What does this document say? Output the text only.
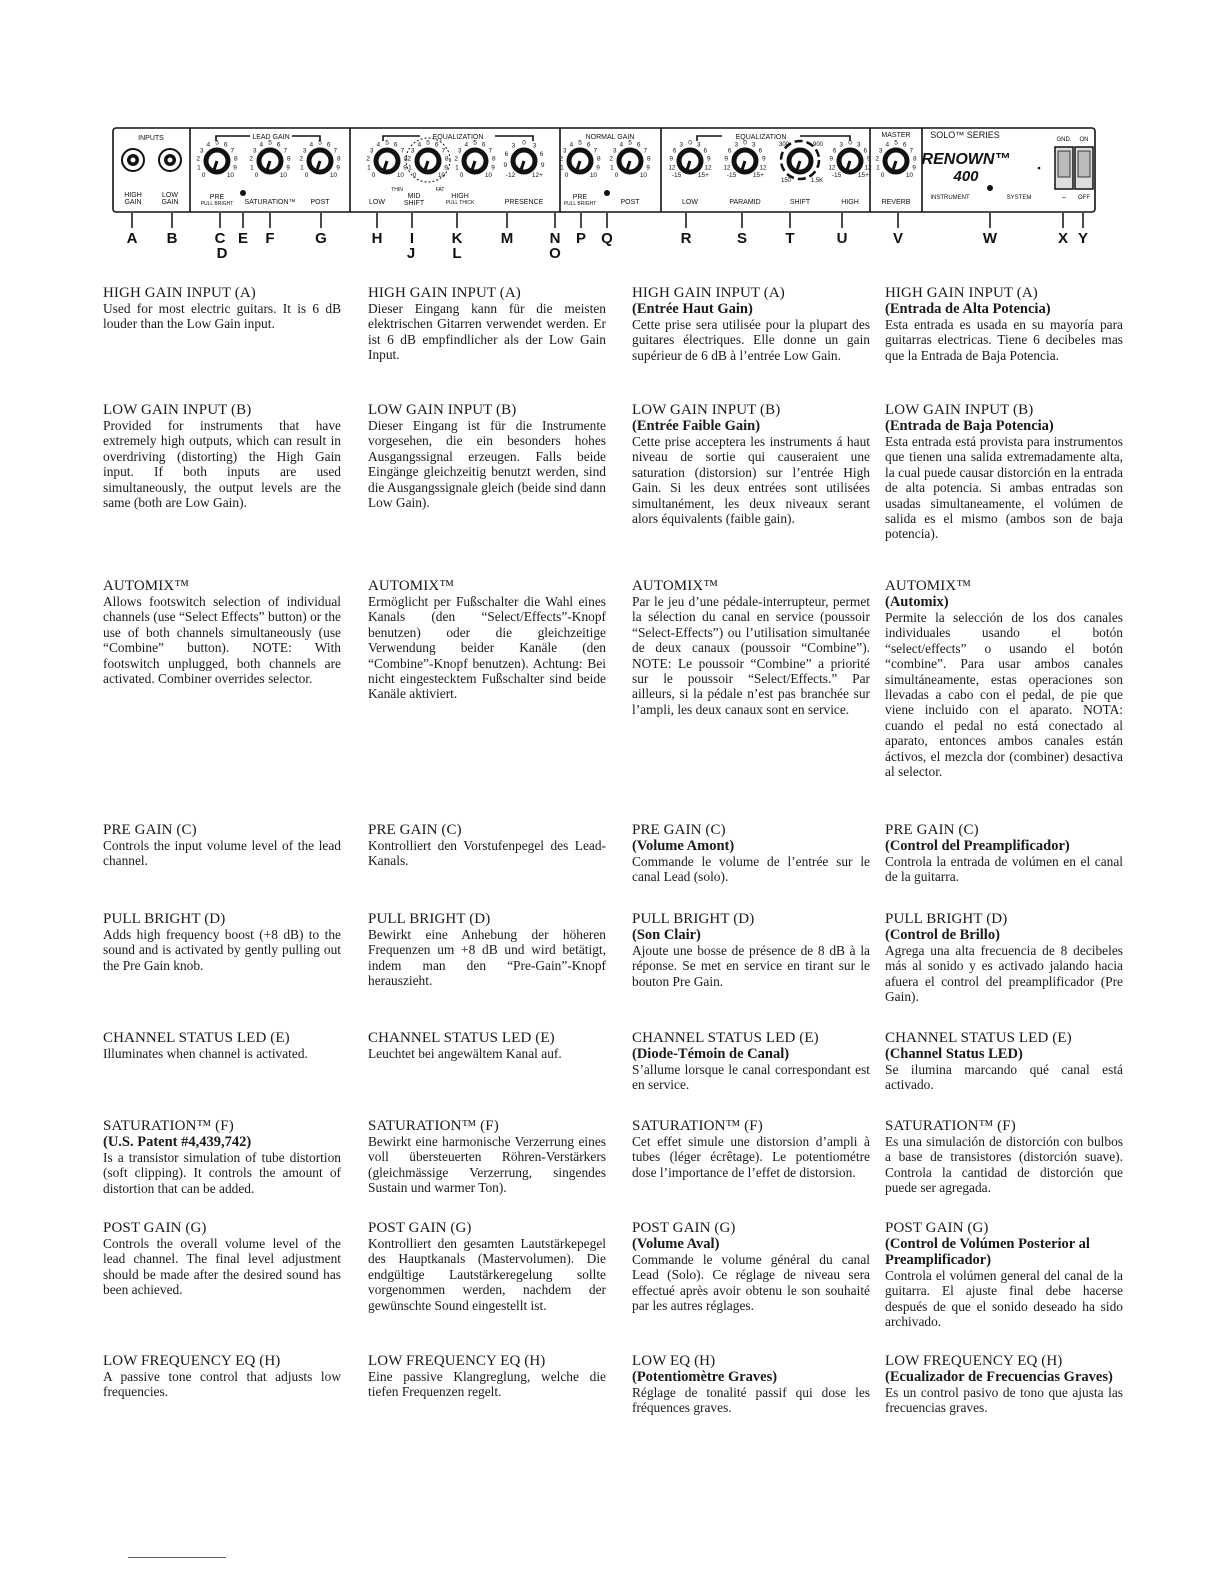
INPUTS
HIGH
GAIN
LOW
GAIN
LEAD GAIN
PRE
PULL BRIGHT SATURATION™ POST
EQUALIZATION
LOW
THIN	FAT
MID
SHIFT
HIGH
PULL THICK	PRESENCE
NORMAL GAIN
PRE
PULL BRIGHT	POST
EQUALIZATION
LOW	PARAMID	SHIFT	HIGH
MASTER
REVERB
SOLO™ SERIES
RENOWN™
400
INSTRUMENT	SYSTEM
GND. ON
– OFF
0
1
2
3
4 5 6
7
8
9
10	0
1
2
3
4 5 6
7
8
9
10	0
1
2
3
4 5 6
7
8
9
10	0
1
2
3
4 5 6
7
8
9
10 0
1
2
3
4 5 6
7
8
9
10 0
1
2
3
4 5 6
7
8
9
10 -12
9
6
3 0 3
6
9
12+	0
1
2
3
4 5 6
7
8
9
10	0
1
2
3
4 5 6
7
8
9
10	-15
12
9
6
3 0 3
6
9
12
15+	-15
12
9
6
3 0 3
6
9
12
15+	-15
12
9
6
3 0 3
6
9
12
15+ 0
1
2
3
4 5 6
7
8
9
10
300	900
150	1.5K
A B C
D
E F	G	H I
J
K
L
M N
O
P Q	R	S	T	U	V	W	X Y
HIGH GAIN INPUT (A)
Used for most electric guitars. It is 6 dB louder than the Low Gain input.
LOW GAIN INPUT (B)
Provided for instruments that have extremely high outputs, which can result in overdriving (distorting) the High Gain input. If both inputs are used simultaneously, the output levels are the same (both are Low Gain).
AUTOMIX™
Allows footswitch selection of individual channels (use “Select Effects” button) or the use of both channels simultaneously (use “Combine” button). NOTE: With footswitch unplugged, both channels are activated. Combiner overrides selector.
PRE GAIN (C)
Controls the input volume level of the lead channel.
PULL BRIGHT (D)
Adds high frequency boost (+8 dB) to the sound and is activated by gently pulling out the Pre Gain knob.
CHANNEL STATUS LED (E)
Illuminates when channel is activated.
SATURATION™ (F)
(U.S. Patent #4,439,742)
Is a transistor simulation of tube distortion (soft clipping). It controls the amount of distortion that can be added.
POST GAIN (G)
Controls the overall volume level of the lead channel. The final level adjustment should be made after the desired sound has been achieved.
LOW FREQUENCY EQ (H)
A passive tone control that adjusts low frequencies.
HIGH GAIN INPUT (A)
Dieser Eingang kann für die meisten elektrischen Gitarren verwendet werden. Er ist 6 dB empfindlicher als der Low Gain Input.
LOW GAIN INPUT (B)
Dieser Eingang ist für die Instrumente vorgesehen, die ein besonders hohes Ausgangssignal erzeugen. Falls beide Eingänge gleichzeitig benutzt werden, sind die Ausgangssignale gleich (beide sind dann Low Gain).
AUTOMIX™
Ermöglicht per Fußschalter die Wahl eines Kanals (den “Select/Effects”-Knopf benutzen) oder die gleichzeitige Verwendung beider Kanäle (den “Combine”-Knopf benutzen). Achtung: Bei nicht eingestecktem Fußschalter sind beide Kanäle aktiviert.
PRE GAIN (C)
Kontrolliert den Vorstufenpegel des Lead-Kanals.
PULL BRIGHT (D)
Bewirkt eine Anhebung der höheren Frequenzen um +8 dB und wird betätigt, indem man den “Pre-Gain”-Knopf herauszieht.
CHANNEL STATUS LED (E)
Leuchtet bei angewältem Kanal auf.
SATURATION™ (F)
Bewirkt eine harmonische Verzerrung eines voll übersteuerten Röhren-Verstärkers (gleichmässige Verzerrung, singendes Sustain und warmer Ton).
POST GAIN (G)
Kontrolliert den gesamten Lautstärkepegel des Hauptkanals (Mastervolumen). Die endgültige Lautstärkeregelung sollte vorgenommen werden, nachdem der gewünschte Sound eingestellt ist.
LOW FREQUENCY EQ (H)
Eine passive Klangreglung, welche die tiefen Frequenzen regelt.
HIGH GAIN INPUT (A)
(Entrée Haut Gain)
Cette prise sera utilisée pour la plupart des guitares électriques. Elle donne un gain supérieur de 6 dB à l’entrée Low Gain.
LOW GAIN INPUT (B)
(Entrée Faible Gain)
Cette prise acceptera les instruments á haut niveau de sortie qui causeraient une saturation (distorsion) sur l’entrée High Gain. Si les deux entrées sont utilisées simultanément, les deux niveaux serant alors équivalents (faible gain).
AUTOMIX™
Par le jeu d’une pédale-interrupteur, permet la sélection du canal en service (poussoir “Select-Effects”) ou l’utilisation simultanée de deux canaux (poussoir “Combine”). NOTE: Le poussoir “Combine” a priorité sur le poussoir “Select/Effects.” Par ailleurs, si la pédale n’est pas branchée sur l’ampli, les deux canaux sont en service.
PRE GAIN (C)
(Volume Amont)
Commande le volume de l’entrée sur le canal Lead (solo).
PULL BRIGHT (D)
(Son Clair)
Ajoute une bosse de présence de 8 dB à la réponse. Se met en service en tirant sur le bouton Pre Gain.
CHANNEL STATUS LED (E)
(Diode-Témoin de Canal)
S’allume lorsque le canal correspondant est en service.
SATURATION™ (F)
Cet effet simule une distorsion d’ampli à tubes (léger écrêtage). Le potentiométre dose l’importance de l’effet de distorsion.
POST GAIN (G)
(Volume Aval)
Commande le volume général du canal Lead (Solo). Ce réglage de niveau sera effectué après avoir obtenu le son souhaité par les autres réglages.
LOW EQ (H)
(Potentiomètre Graves)
Réglage de tonalité passif qui dose les fréquences graves.
HIGH GAIN INPUT (A)
(Entrada de Alta Potencia)
Esta entrada es usada en su mayoría para guitarras electricas. Tiene 6 decibeles mas que la Entrada de Baja Potencia.
LOW GAIN INPUT (B)
(Entrada de Baja Potencia)
Esta entrada está provista para instrumentos que tienen una salida extremadamente alta, la cual puede causar distorción en la entrada de alta potencia. Si ambas entradas son usadas simultaneamente, el volúmen de salida es el mismo (ambos son de baja potencia).
AUTOMIX™
(Automix)
Permite la selección de los dos canales individuales usando el botón “select/effects” o usando el botón “combine”. Para usar ambos canales simultáneamente, estas operaciones son llevadas a cabo con el pedal, de pie que viene incluido con el aparato. NOTA: cuando el pedal no está conectado al aparato, entonces ambos canales están áctivos, el mezcla dor (combiner) desactiva al selector.
PRE GAIN (C)
(Control del Preamplificador)
Controla la entrada de volúmen en el canal de la guitarra.
PULL BRIGHT (D)
(Control de Brillo)
Agrega una alta frecuencia de 8 decibeles más al sonido y es activado jalando hacia afuera el control del preamplificador (Pre Gain).
CHANNEL STATUS LED (E)
(Channel Status LED)
Se ilumina marcando qué canal está activado.
SATURATION™ (F)
Es una simulación de distorción con bulbos a base de transistores (distorción suave). Controla la cantidad de distorción que puede ser agregada.
POST GAIN (G)
(Control de Volúmen Posterior al Preamplificador)
Controla el volúmen general del canal de la guitarra. El ajuste final debe hacerse después de que el sonido deseado ha sido archivado.
LOW FREQUENCY EQ (H)
(Ecualizador de Frecuencias Graves)
Es un control pasivo de tono que ajusta las frecuencias graves.
